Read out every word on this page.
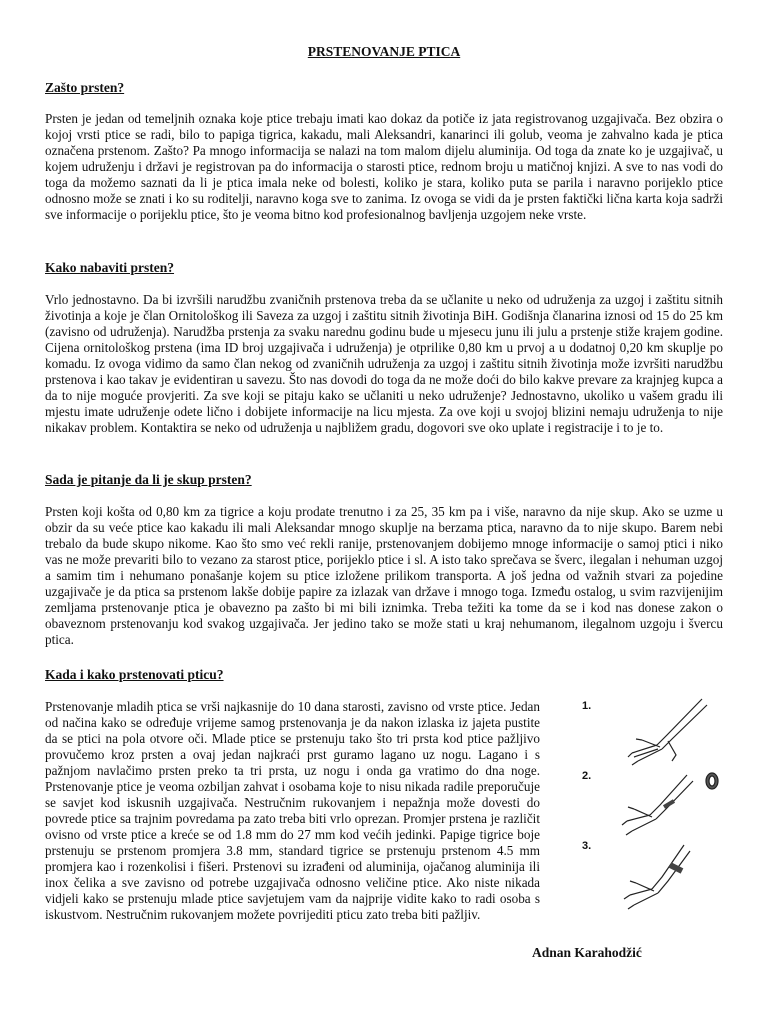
PRSTENOVANJE PTICA
Zašto prsten?
Prsten je jedan od temeljnih oznaka koje ptice trebaju imati kao dokaz da potiče iz jata registrovanog uzgajivača. Bez obzira o kojoj vrsti ptice se radi, bilo to papiga tigrica, kakadu, mali Aleksandri, kanarinci ili golub, veoma je zahvalno kada je ptica označena prstenom. Zašto? Pa mnogo informacija se nalazi na tom malom dijelu aluminija. Od toga da znate ko je uzgajivač, u kojem udruženju i državi je registrovan pa do informacija o starosti ptice, rednom broju u matičnoj knjizi. A sve to nas vodi do toga da možemo saznati da li je ptica imala neke od bolesti, koliko je stara, koliko puta se parila i naravno porijeklo ptice odnosno može se znati i ko su roditelji, naravno koga sve to zanima. Iz ovoga se vidi da je prsten faktički lična karta koja sadrži sve informacije o porijeklu ptice, što je veoma bitno kod profesionalnog bavljenja uzgojem neke vrste.
Kako nabaviti prsten?
Vrlo jednostavno. Da bi izvršili narudžbu zvaničnih prstenova treba da se učlanite u neko od udruženja za uzgoj i zaštitu sitnih životinja a koje je član Ornitološkog ili Saveza za uzgoj i zaštitu sitnih životinja BiH. Godišnja članarina iznosi od 15 do 25 km (zavisno od udruženja). Narudžba prstenja za svaku narednu godinu bude u mjesecu junu ili julu a prstenje stiže krajem godine. Cijena ornitološkog prstena (ima ID broj uzgajivača i udruženja) je otprilike 0,80 km u prvoj a u dodatnoj 0,20 km skuplje po komadu. Iz ovoga vidimo da samo član nekog od zvaničnih udruženja za uzgoj i zaštitu sitnih životinja može izvršiti narudžbu prstenova i kao takav je evidentiran u savezu. Što nas dovodi do toga da ne može doći do bilo kakve prevare za krajnjeg kupca a da to nije moguće provjeriti. Za sve koji se pitaju kako se učlaniti u neko udruženje? Jednostavno, ukoliko u vašem gradu ili mjestu imate udruženje odete lično i dobijete informacije na licu mjesta. Za ove koji u svojoj blizini nemaju udruženja to nije nikakav problem. Kontaktira se neko od udruženja u najbližem gradu, dogovori sve oko uplate i registracije i to je to.
Sada je pitanje da li je skup prsten?
Prsten koji košta od 0,80 km za tigrice a koju prodate trenutno i za 25, 35 km pa i više, naravno da nije skup. Ako se uzme u obzir da su veće ptice kao kakadu ili mali Aleksandar mnogo skuplje na berzama ptica, naravno da to nije skupo. Barem nebi trebalo da bude skupo nikome. Kao što smo već rekli ranije, prstenovanjem dobijemo mnoge informacije o samoj ptici i niko vas ne može prevariti bilo to vezano za starost ptice, porijeklo ptice i sl. A isto tako sprečava se šverc, ilegalan i nehuman uzgoj a samim tim i nehumano ponašanje kojem su ptice izložene prilikom transporta. A još jedna od važnih stvari za pojedine uzgajivače je da ptica sa prstenom lakše dobije papire za izlazak van države i mnogo toga. Između ostalog, u svim razvijenijim zemljama prstenovanje ptica je obavezno pa zašto bi mi bili iznimka. Treba težiti ka tome da se i kod nas donese zakon o obaveznom prstenovanju kod svakog uzgajivača. Jer jedino tako se može stati u kraj nehumanom, ilegalnom uzgoju i švercu ptica.
Kada i kako prstenovati pticu?
Prstenovanje mladih ptica se vrši najkasnije do 10 dana starosti, zavisno od vrste ptice. Jedan od načina kako se određuje vrijeme samog prstenovanja je da nakon izlaska iz jajeta pustite da se ptici na pola otvore oči. Mlade ptice se prstenuju tako što tri prsta kod ptice pažljivo provučemo kroz prsten a ovaj jedan najkraći prst guramo lagano uz nogu. Lagano i s pažnjom navlačimo prsten preko ta tri prsta, uz nogu i onda ga vratimo do dna noge. Prstenovanje ptice je veoma ozbiljan zahvat i osobama koje to nisu nikada radile preporučuje se savjet kod iskusnih uzgajivača. Nestručnim rukovanjem i nepažnja može dovesti do povrede ptice sa trajnim povredama pa zato treba biti vrlo oprezan. Promjer prstena je različit ovisno od vrste ptice a kreće se od 1.8 mm do 27 mm kod većih jedinki. Papige tigrice boje prstenuju se prstenom promjera 3.8 mm, standard tigrice se prstenuju prstenom 4.5 mm promjera kao i rozenkolisi i fišeri. Prstenovi su izrađeni od aluminija, ojačanog aluminija ili inox čelika a sve zavisno od potrebe uzgajivača odnosno veličine ptice. Ako niste nikada vidjeli kako se prstenuju mlade ptice savjetujem vam da najprije vidite kako to radi osoba s iskustvom. Nestručnim rukovanjem možete povrijediti pticu zato treba biti pažljiv.
1.
2.
3.
Adnan Karahodžić
